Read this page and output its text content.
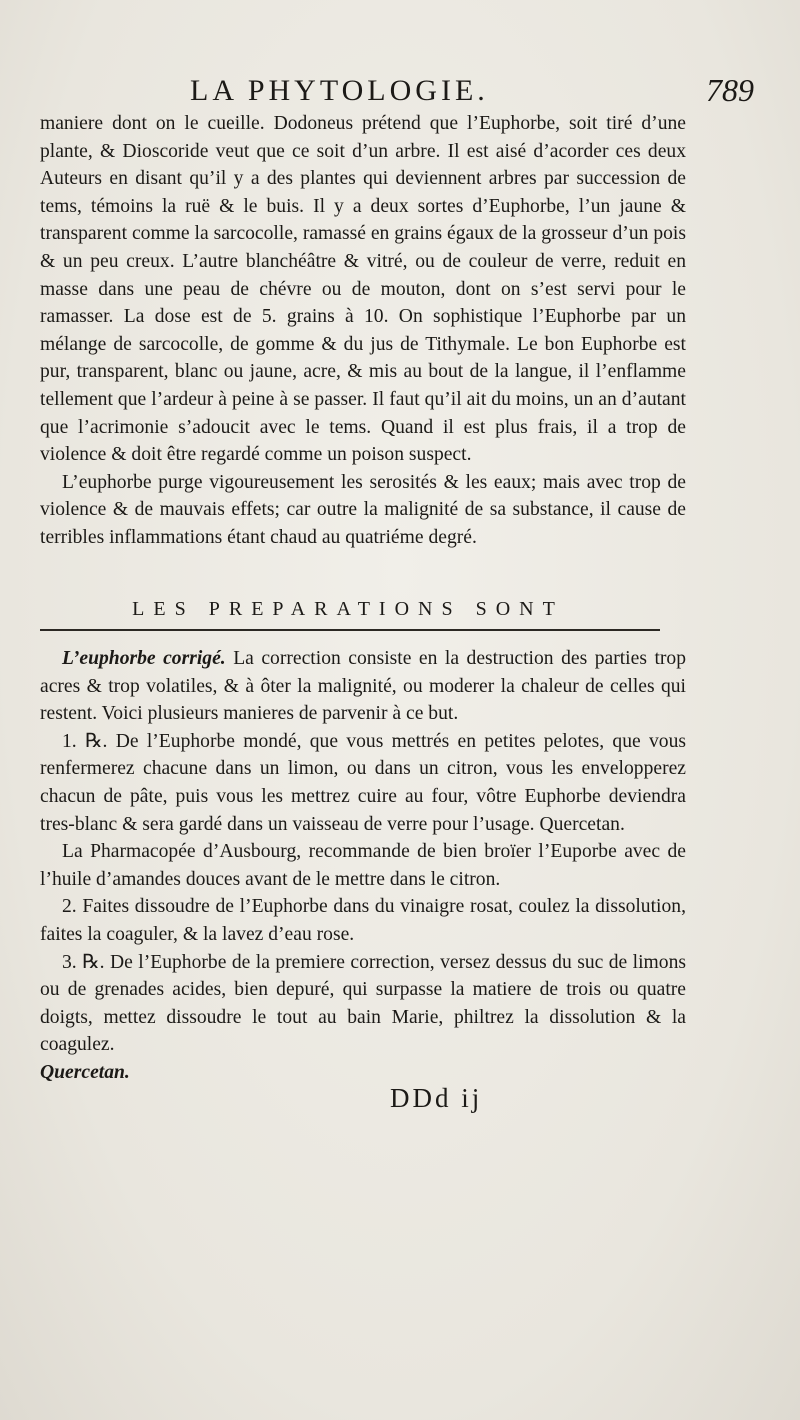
LA PHYTOLOGIE.	789

maniere dont on le cueille. Dodoneus prétend que l’Euphorbe, soit tiré d’une plante, & Dioscoride veut que ce soit d’un arbre. Il est aisé d’acorder ces deux Auteurs en disant qu’il y a des plantes qui deviennent arbres par succession de tems, témoins la ruë & le buis. Il y a deux sortes d’Euphorbe, l’un jaune & transparent comme la sarcocolle, ramassé en grains égaux de la grosseur d’un pois & un peu creux. L’autre blanchéâtre & vitré, ou de couleur de verre, reduit en masse dans une peau de chévre ou de mouton, dont on s’est servi pour le ramasser. La dose est de 5. grains à 10. On sophistique l’Euphorbe par un mélange de sarcocolle, de gomme & du jus de Tithymale. Le bon Euphorbe est pur, transparent, blanc ou jaune, acre, & mis au bout de la langue, il l’enflamme tellement que l’ardeur à peine à se passer. Il faut qu’il ait du moins, un an d’autant que l’acrimonie s’adoucit avec le tems. Quand il est plus frais, il a trop de violence & doit être regardé comme un poison suspect.

L’euphorbe purge vigoureusement les serosités & les eaux; mais avec trop de violence & de mauvais effets; car outre la malignité de sa substance, il cause de terribles inflammations étant chaud au quatriéme degré.

LES PREPARATIONS SONT

L’euphorbe corrigé. La correction consiste en la destruction des parties trop acres & trop volatiles, & à ôter la malignité, ou moderer la chaleur de celles qui restent. Voici plusieurs manieres de parvenir à ce but.

1. ℞. De l’Euphorbe mondé, que vous mettrés en petites pelotes, que vous renfermerez chacune dans un limon, ou dans un citron, vous les envelopperez chacun de pâte, puis vous les mettrez cuire au four, vôtre Euphorbe deviendra tres-blanc & sera gardé dans un vaisseau de verre pour l’usage. Quercetan.

La Pharmacopée d’Ausbourg, recommande de bien broïer l’Euporbe avec de l’huile d’amandes douces avant de le mettre dans le citron.

2. Faites dissoudre de l’Euphorbe dans du vinaigre rosat, coulez la dissolution, faites la coaguler, & la lavez d’eau rose.

3. ℞. De l’Euphorbe de la premiere correction, versez dessus du suc de limons ou de grenades acides, bien depuré, qui surpasse la matiere de trois ou quatre doigts, mettez dissoudre le tout au bain Marie, philtrez la dissolution & la coagulez.

Quercetan.
DDd ij
